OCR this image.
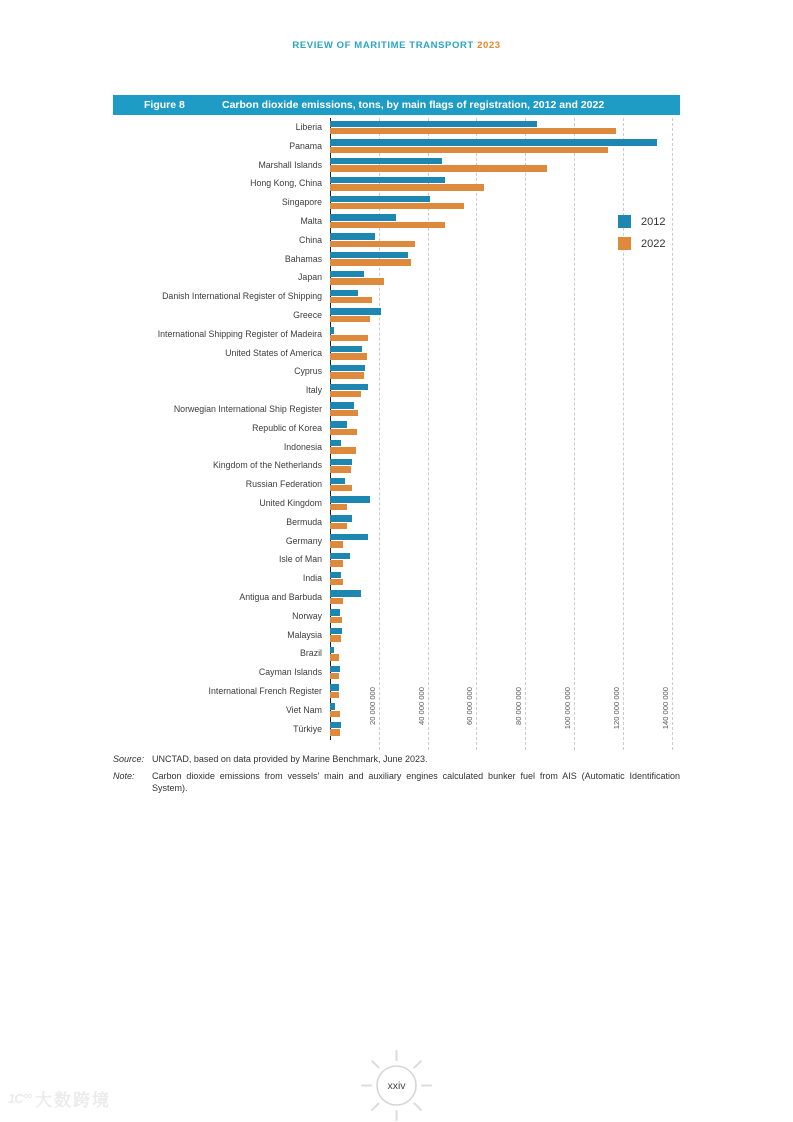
REVIEW OF MARITIME TRANSPORT 2023
Figure 8	Carbon dioxide emissions, tons, by main flags of registration, 2012 and 2022
Liberia
Panama
Marshall Islands
Hong Kong, China
Singapore
Malta
China
Bahamas
Japan
Danish International Register of Shipping
Greece
International Shipping Register of Madeira
United States of America
Cyprus
Italy
Norwegian International Ship Register
Republic of Korea
Indonesia
Kingdom of the Netherlands
Russian Federation
United Kingdom
Bermuda
Germany
Isle of Man
India
Antigua and Barbuda
Norway
Malaysia
Brazil
Cayman Islands
International French Register
Viet Nam
Türkiye
20 000 000	40 000 000	60 000 000	80 000 000	100 000 000	120 000 000	140 000 000
2012
2022
Source: UNCTAD, based on data provided by Marine Benchmark, June 2023.
Note:	Carbon dioxide emissions from vessels' main and auxiliary engines calculated bunker fuel from AIS (Automatic Identification System).
xxiv
1C°° 大数跨境
